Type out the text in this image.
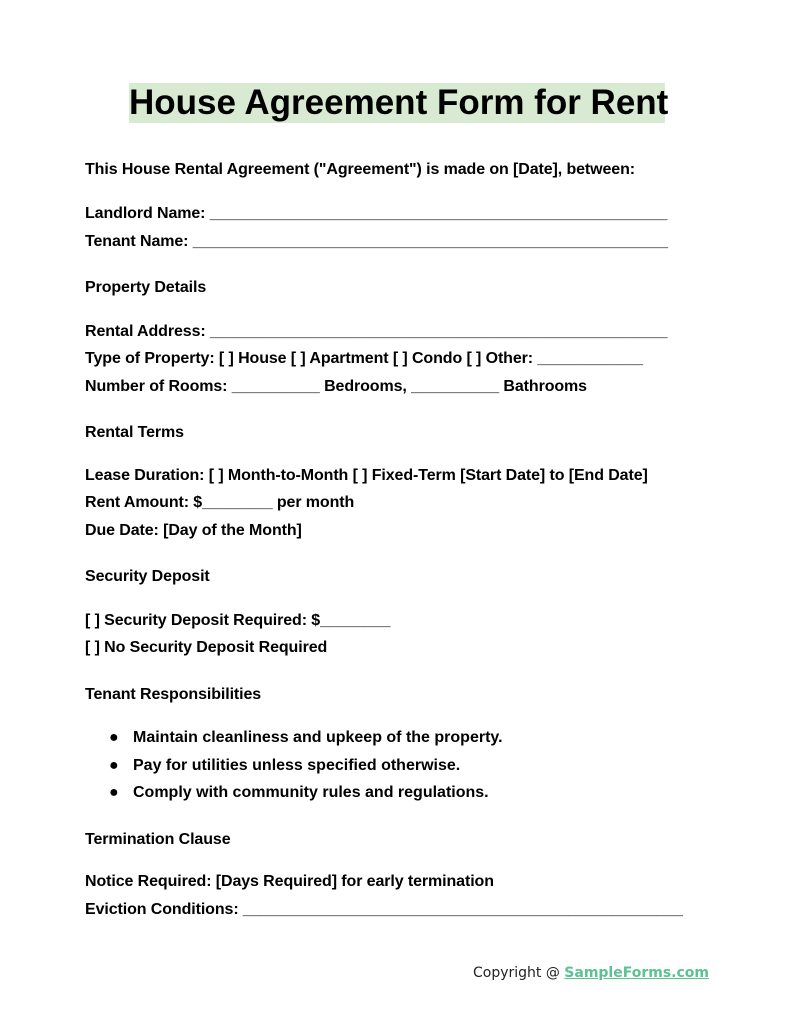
House Agreement Form for Rent
This House Rental Agreement ("Agreement") is made on [Date], between:
Landlord Name: ____________________________________________________
Tenant Name: ______________________________________________________
Property Details
Rental Address: ____________________________________________________
Type of Property: [ ] House [ ] Apartment [ ] Condo [ ] Other: ____________
Number of Rooms: __________ Bedrooms, __________ Bathrooms
Rental Terms
Lease Duration: [ ] Month-to-Month [ ] Fixed-Term [Start Date] to [End Date]
Rent Amount: $________ per month
Due Date: [Day of the Month]
Security Deposit
[ ] Security Deposit Required: $________
[ ] No Security Deposit Required
Tenant Responsibilities
● Maintain cleanliness and upkeep of the property.
● Pay for utilities unless specified otherwise.
● Comply with community rules and regulations.
Termination Clause
Notice Required: [Days Required] for early termination
Eviction Conditions: __________________________________________________
Copyright @ SampleForms.com
